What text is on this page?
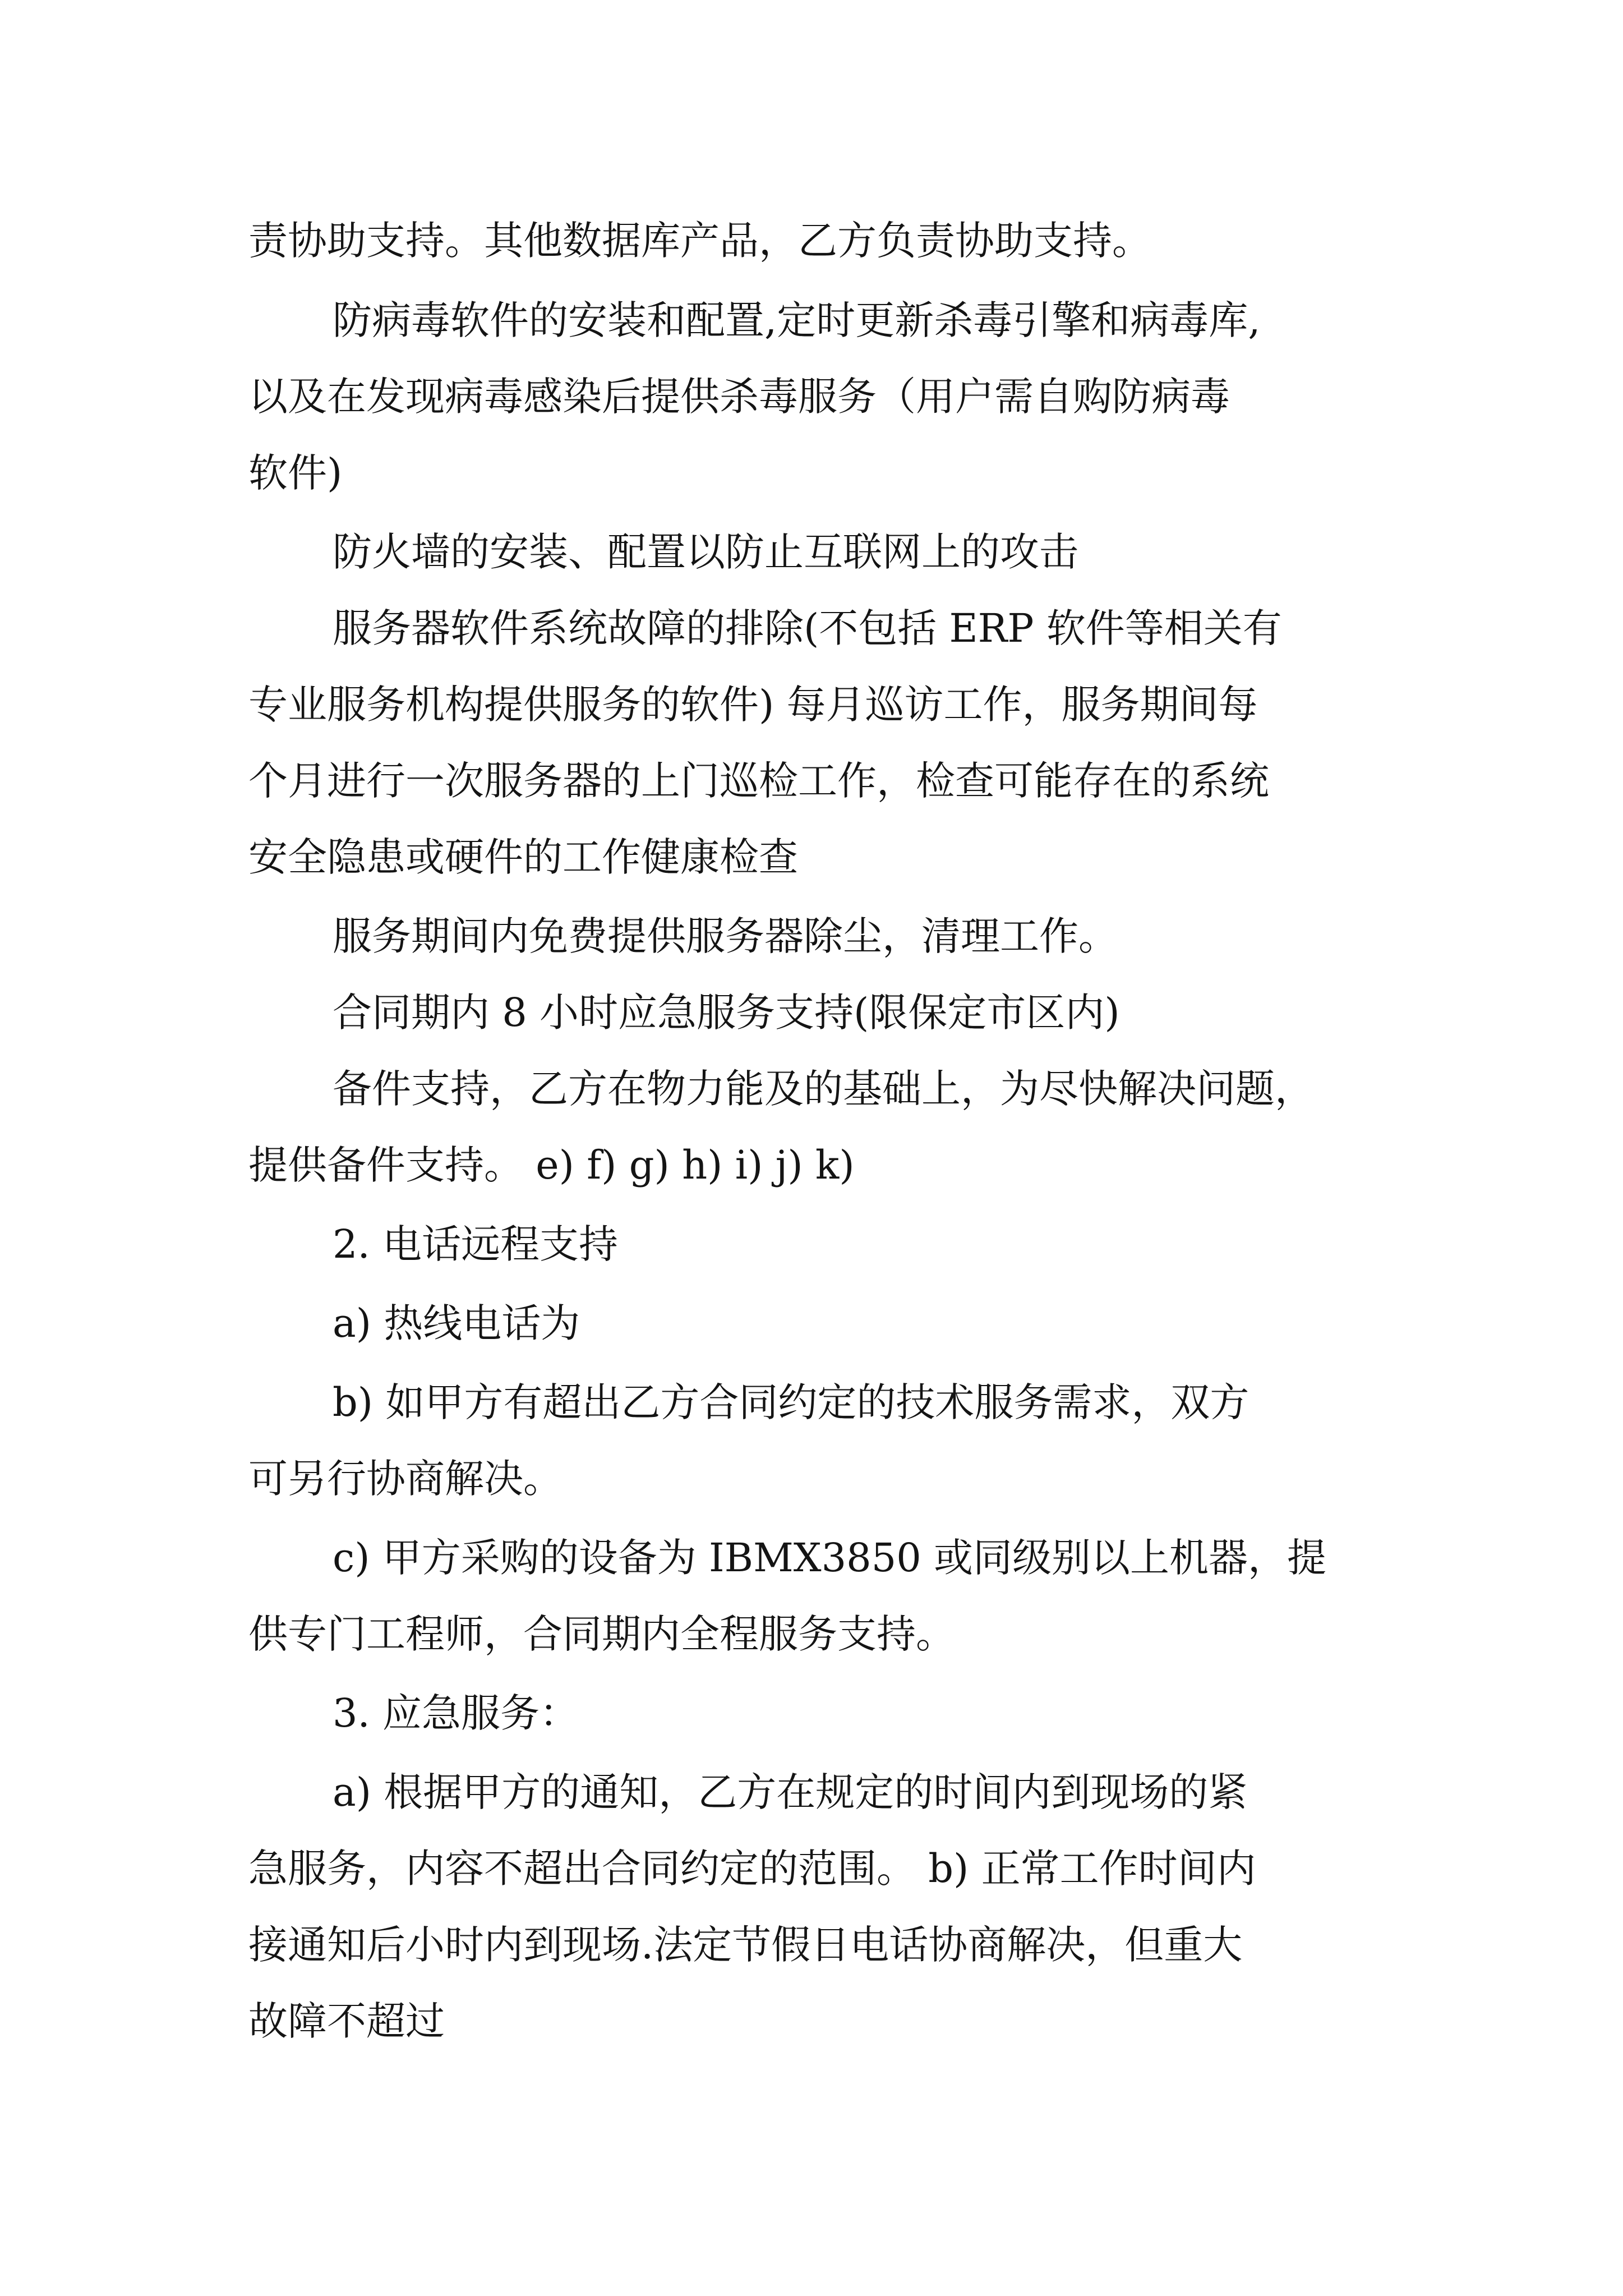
责协助支持。其他数据库产品，乙方负责协助支持。
防病毒软件的安装和配置,定时更新杀毒引擎和病毒库,
以及在发现病毒感染后提供杀毒服务（用户需自购防病毒
软件)
防火墙的安装、配置以防止互联网上的攻击
服务器软件系统故障的排除(不包括 ERP 软件等相关有
专业服务机构提供服务的软件) 每月巡访工作，服务期间每
个月进行一次服务器的上门巡检工作，检查可能存在的系统
安全隐患或硬件的工作健康检查
服务期间内免费提供服务器除尘，清理工作。
合同期内 8 小时应急服务支持(限保定市区内)
备件支持，乙方在物力能及的基础上，为尽快解决问题，
提供备件支持。 e) f) g) h) i) j) k)
2. 电话远程支持
a) 热线电话为
b) 如甲方有超出乙方合同约定的技术服务需求，双方
可另行协商解决。
c) 甲方采购的设备为 IBMX3850 或同级别以上机器，提
供专门工程师，合同期内全程服务支持。
3. 应急服务：
a) 根据甲方的通知，乙方在规定的时间内到现场的紧
急服务，内容不超出合同约定的范围。 b) 正常工作时间内
接通知后小时内到现场.法定节假日电话协商解决，但重大
故障不超过
